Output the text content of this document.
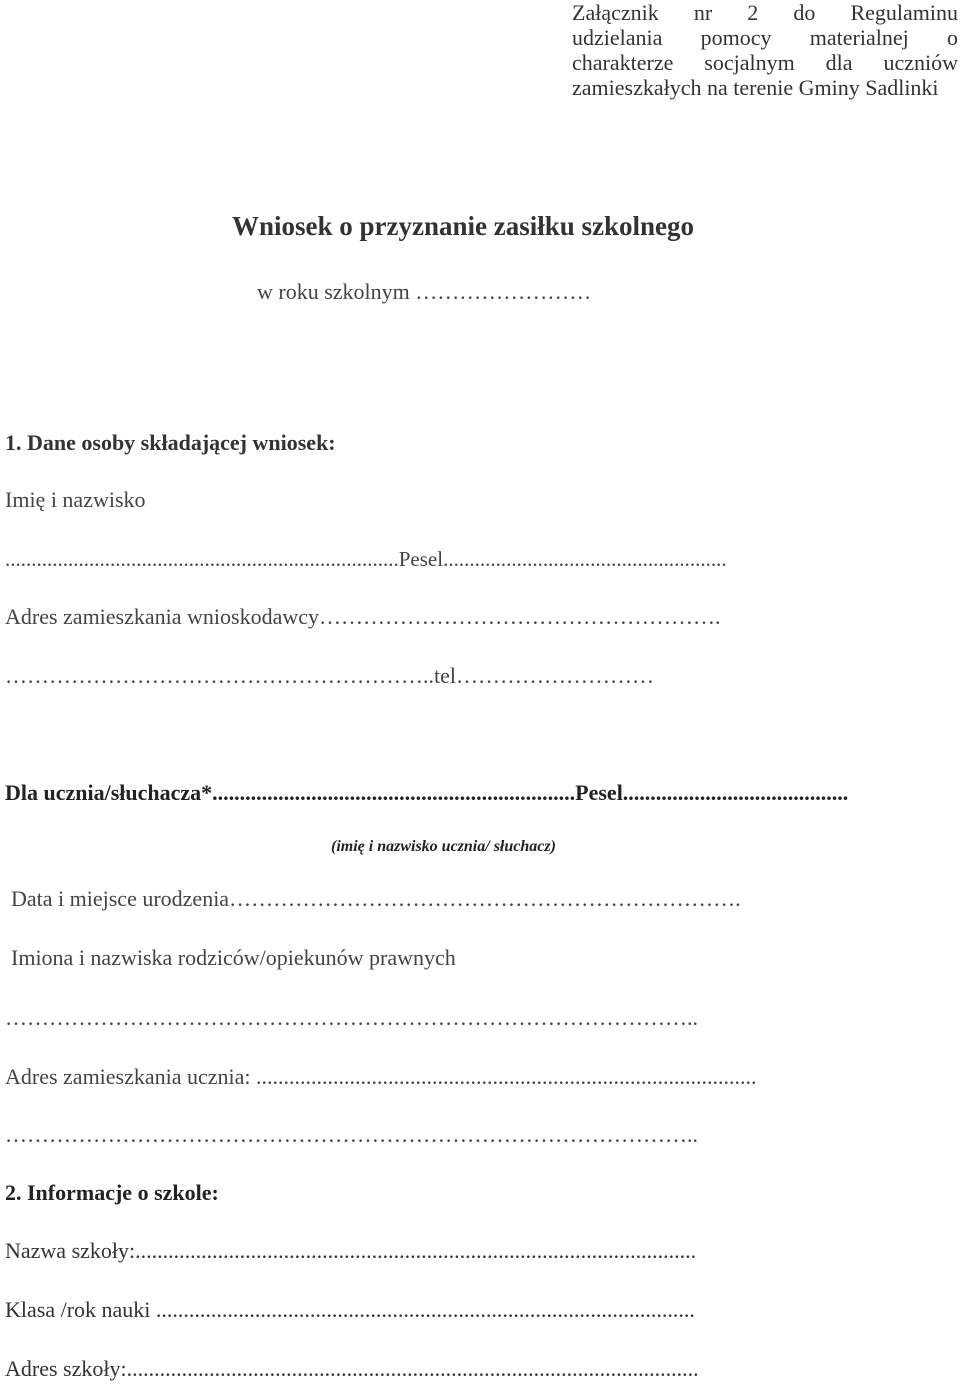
Załącznik nr 2 do Regulaminu
udzielania pomocy materialnej o
charakterze socjalnym dla uczniów
zamieszkałych na terenie Gminy Sadlinki
Wniosek o przyznanie zasiłku szkolnego
w roku szkolnym ……………………
1. Dane osoby składającej wniosek:
Imię i nazwisko
...........................................................................Pesel......................................................
Adres zamieszkania wnioskodawcy……………………………………………….
…………………………………………………..tel………………………
Dla ucznia/słuchacza*..................................................................Pesel.........................................
(imię i nazwisko ucznia/ słuchacz)
Data i miejsce urodzenia…………………………………………………………….
Imiona i nazwiska rodziców/opiekunów prawnych
…………………………………………………………………………………..
Adres zamieszkania ucznia: ...........................................................................................
…………………………………………………………………………………..
2. Informacje o szkole:
Nazwa szkoły:......................................................................................................
Klasa /rok nauki ..................................................................................................
Adres szkoły:........................................................................................................
